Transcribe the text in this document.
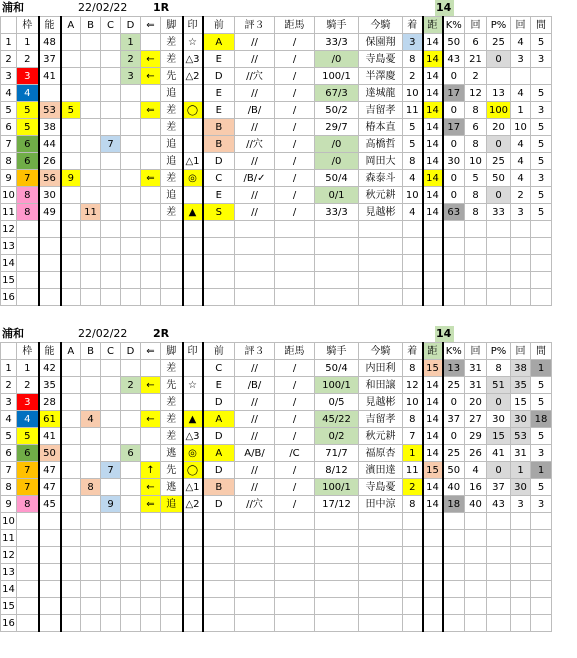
浦和	22/02/22 1R	14
	枠	能	A	B	C	D	⇐	脚	印	前	評３	距馬	騎手	今騎	着	距	K%	回	P%	回	間
1	1	48				1		差	☆	A	//	/	33/3	保園翔	3	14	50	6	25	4	5
2	2	37				2	←	差	△3	E	//	/	/0	寺島憂	8	14	43	21	0	3	3
3	3	41				3	←	先	△2	D	//穴	/	100/1	半澤慶	2	14	0	2			
4	4							追		E	//	/	67/3	達城龍	10	14	17	12	13	4	5
5	5	53	5				⇐	差	◯	E	/B/	/	50/2	吉留孝	11	14	0	8	100	1	3
6	5	38						差		B	//	/	29/7	椿本直	5	14	17	6	20	10	5
7	6	44			7			追		B	//穴	/	/0	高橋哲	5	14	0	8	0	4	5
8	6	26						追	△1	D	//	/	/0	岡田大	8	14	30	10	25	4	5
9	7	56	9				⇐	差	◎	C	/B/✓	/	50/4	森泰斗	4	14	0	5	50	4	3
10	8	30						追		E	//	/	0/1	秋元耕	10	14	0	8	0	2	5
11	8	49		11				差	▲	S	//	/	33/3	見越彬	4	14	63	8	33	3	5
12																					
13																					
14																					
15																					
16																					
浦和	22/02/22 2R	14
	枠	能	A	B	C	D	⇐	脚	印	前	評３	距馬	騎手	今騎	着	距	K%	回	P%	回	間
1	1	42						差		C	//	/	50/4	内田利	8	15	13	31	8	38	1
2	2	35				2	←	先	☆	E	/B/	/	100/1	和田譲	12	14	25	31	51	35	5
3	3	28						差		D	//	/	0/5	見越彬	10	14	0	20	0	15	5
4	4	61		4			←	差	▲	A	//	/	45/22	吉留孝	8	14	37	27	30	30	18
5	5	41						差	△3	D	//	/	0/2	秋元耕	7	14	0	29	15	53	5
6	6	50				6		逃	◎	A	A/B/	/C	71/7	福原杏	1	14	25	26	41	31	3
7	7	47			7		↑	先	◯	D	//	/	8/12	濱田達	11	15	50	4	0	1	1
8	7	47		8			←	逃	△1	B	//	/	100/1	寺島憂	2	14	40	16	37	30	5
9	8	45			9		⇐	追	△2	D	//穴	/	17/12	田中涼	8	14	18	40	43	3	3
10																					
11																					
12																					
13																					
14																					
15																					
16																					
